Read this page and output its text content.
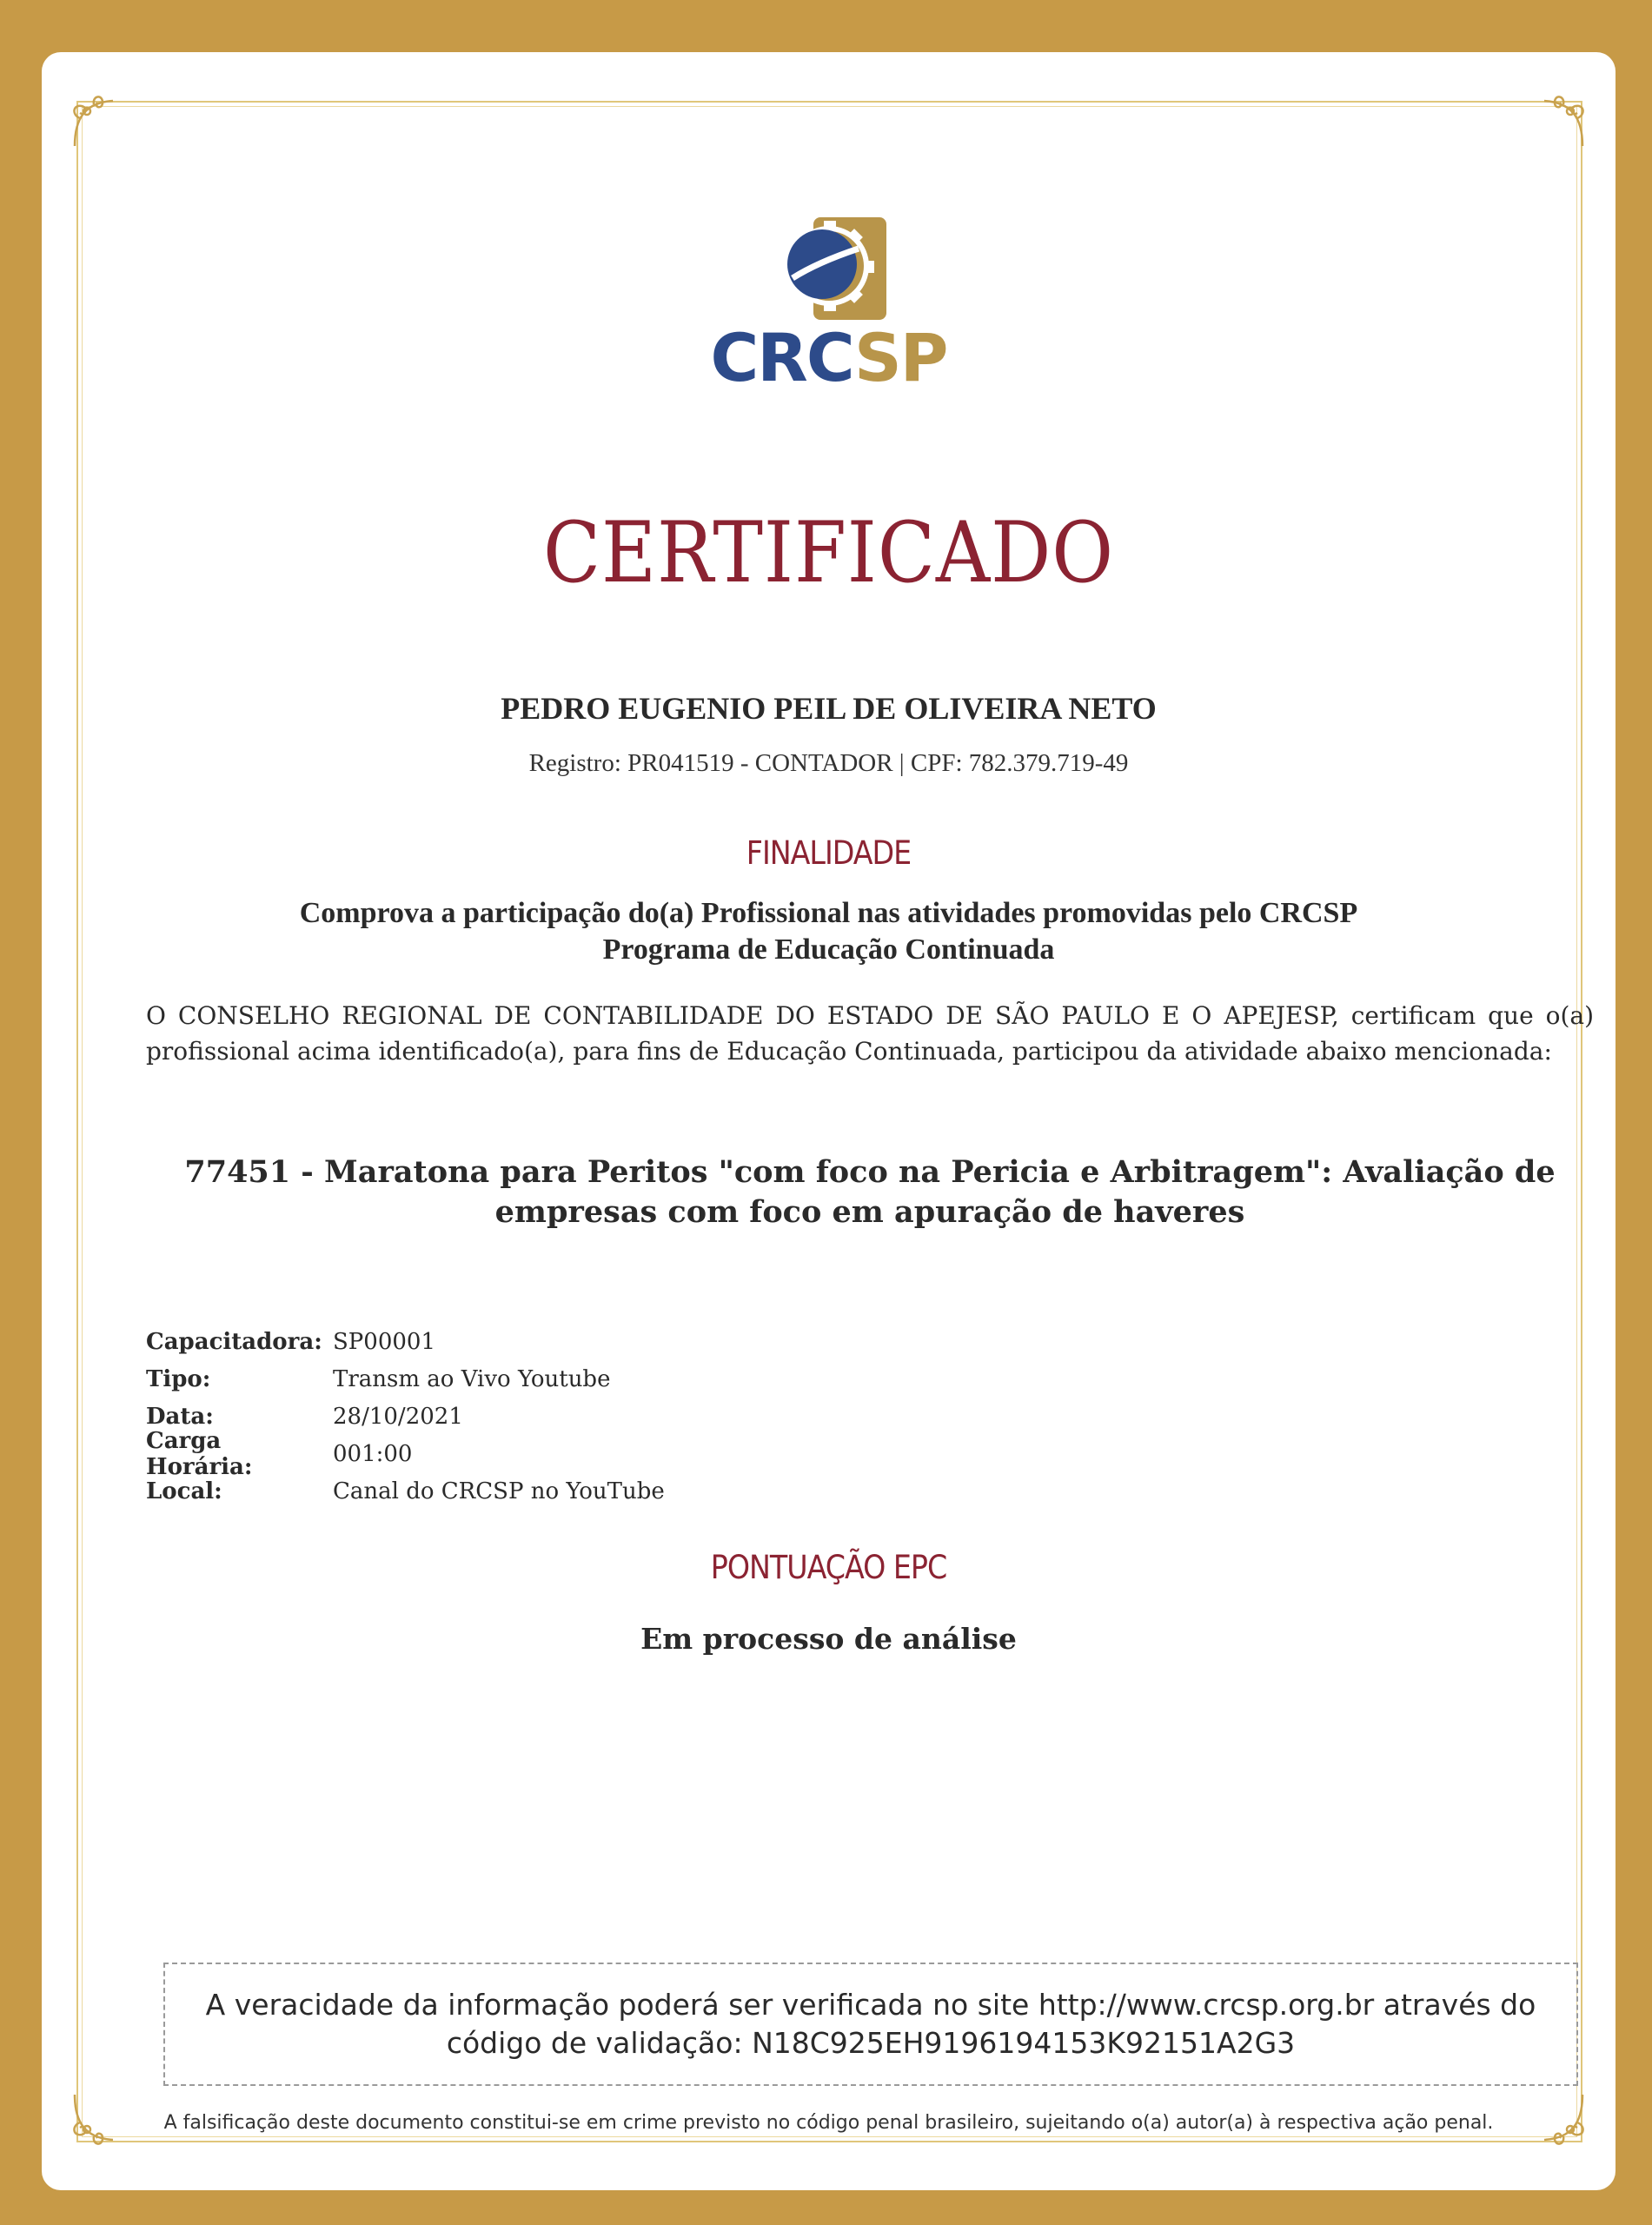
CRCSP
CERTIFICADO
PEDRO EUGENIO PEIL DE OLIVEIRA NETO
Registro: PR041519 - CONTADOR | CPF: 782.379.719-49
FINALIDADE
Comprova a participação do(a) Profissional nas atividades promovidas pelo CRCSP
Programa de Educação Continuada
O CONSELHO REGIONAL DE CONTABILIDADE DO ESTADO DE SÃO PAULO E O APEJESP, certificam que o(a) profissional acima identificado(a), para fins de Educação Continuada, participou da atividade abaixo mencionada:
77451 - Maratona para Peritos "com foco na Pericia e Arbitragem": Avaliação de
empresas com foco em apuração de haveres
Capacitadora: SP00001
Tipo:	Transm ao Vivo Youtube
Data:	28/10/2021
Carga Horária:	001:00
Local:	Canal do CRCSP no YouTube
PONTUAÇÃO EPC
Em processo de análise

A veracidade da informação poderá ser verificada no site http://www.crcsp.org.br através do
código de validação: N18C925EH9196194153K92151A2G3

A falsificação deste documento constitui-se em crime previsto no código penal brasileiro, sujeitando o(a) autor(a) à respectiva ação penal.
